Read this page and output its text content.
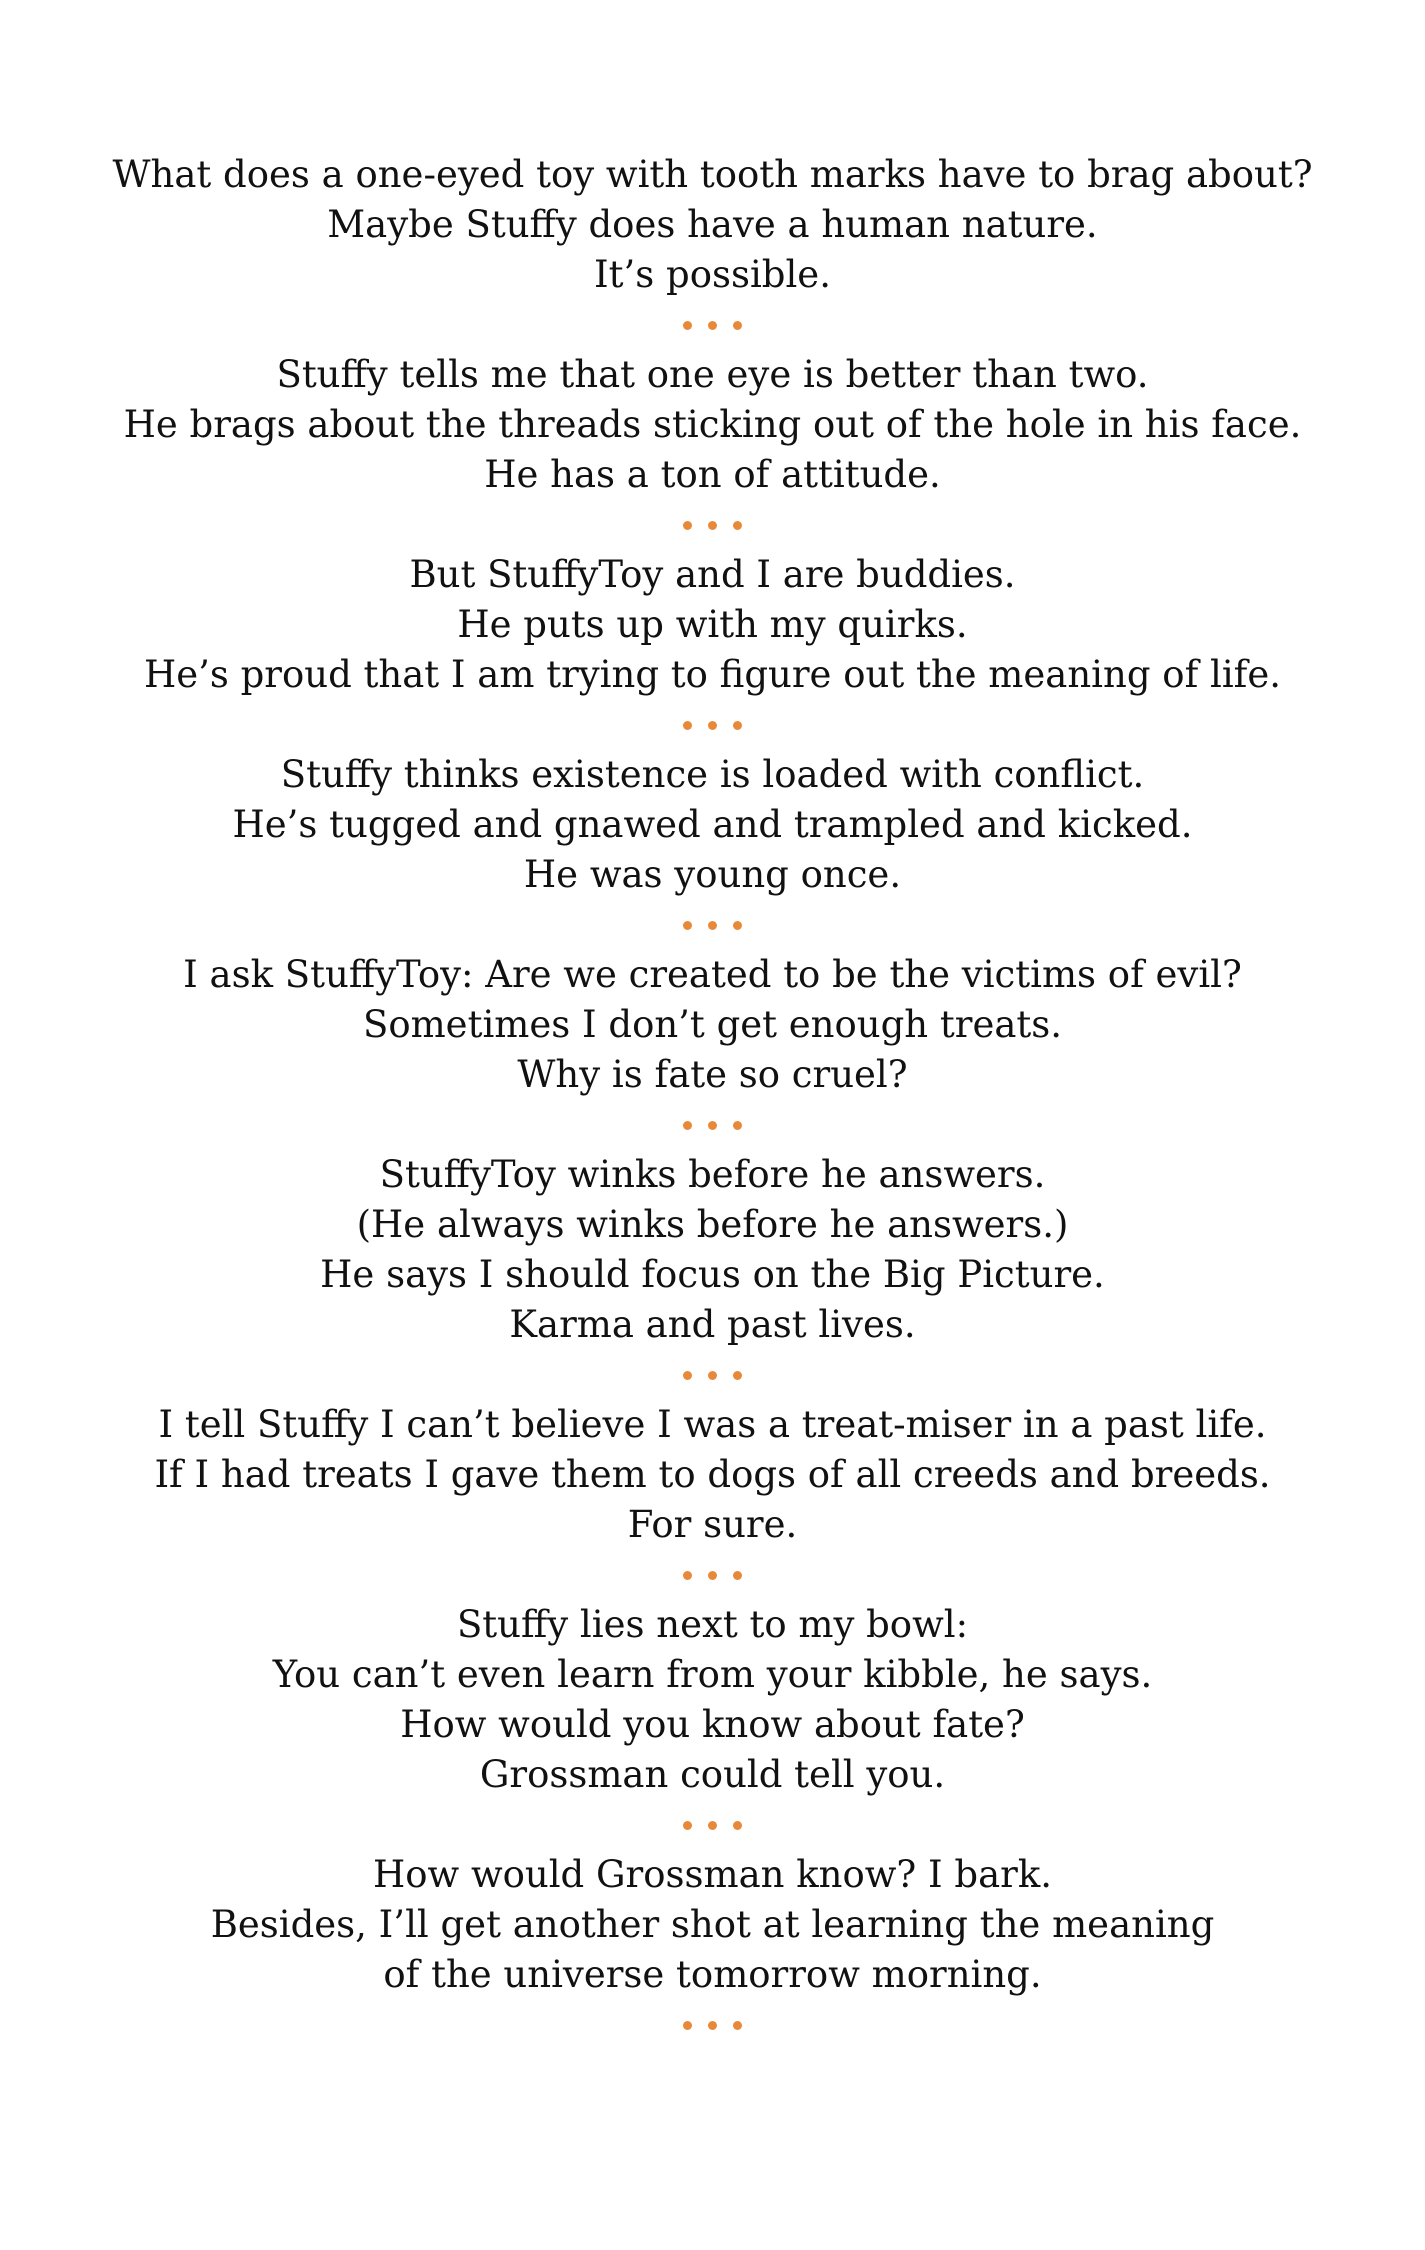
What does a one-eyed toy with tooth marks have to brag about?
Maybe Stuffy does have a human nature.
It’s possible.
Stuffy tells me that one eye is better than two.
He brags about the threads sticking out of the hole in his face.
He has a ton of attitude.
But StuffyToy and I are buddies.
He puts up with my quirks.
He’s proud that I am trying to figure out the meaning of life.
Stuffy thinks existence is loaded with conflict.
He’s tugged and gnawed and trampled and kicked.
He was young once.
I ask StuffyToy: Are we created to be the victims of evil?
Sometimes I don’t get enough treats.
Why is fate so cruel?
StuffyToy winks before he answers.
(He always winks before he answers.)
He says I should focus on the Big Picture.
Karma and past lives.
I tell Stuffy I can’t believe I was a treat-miser in a past life.
If I had treats I gave them to dogs of all creeds and breeds.
For sure.
Stuffy lies next to my bowl:
You can’t even learn from your kibble, he says.
How would you know about fate?
Grossman could tell you.
How would Grossman know? I bark.
Besides, I’ll get another shot at learning the meaning
of the universe tomorrow morning.
